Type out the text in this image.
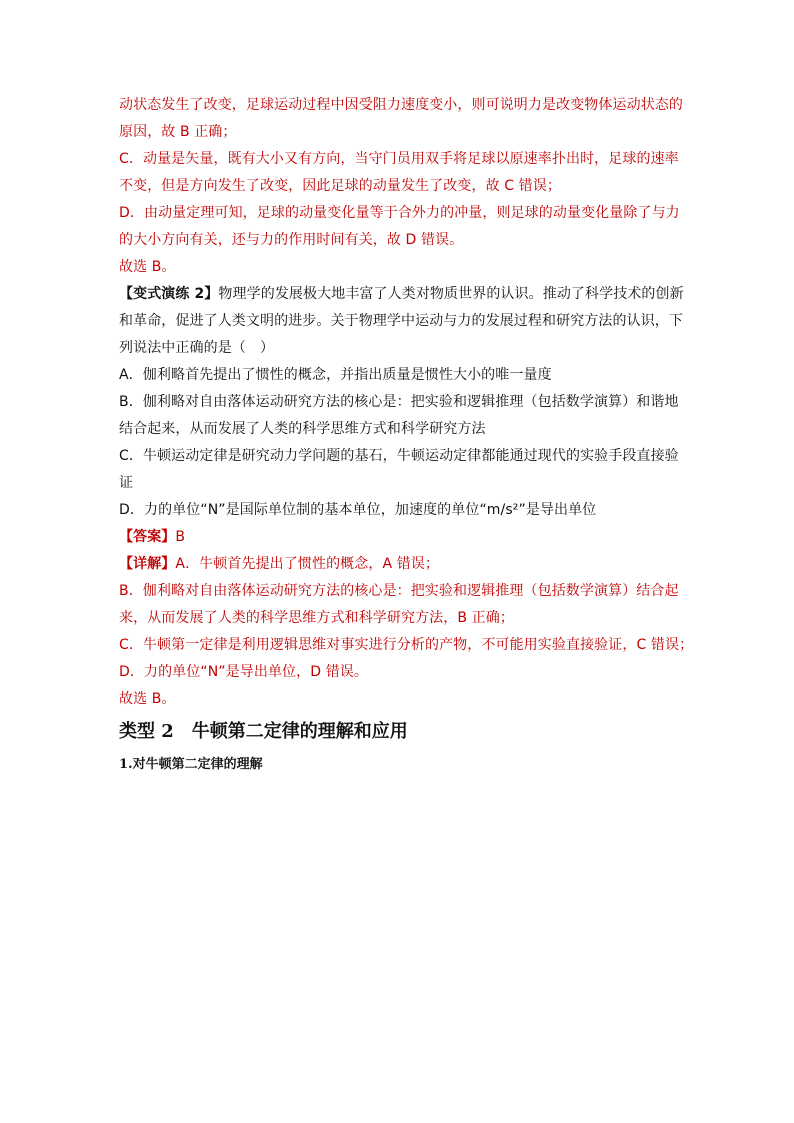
动状态发生了改变，足球运动过程中因受阻力速度变小，则可说明力是改变物体运动状态的
原因，故 B 正确；
C．动量是矢量，既有大小又有方向，当守门员用双手将足球以原速率扑出时，足球的速率
不变，但是方向发生了改变，因此足球的动量发生了改变，故 C 错误；
D．由动量定理可知，足球的动量变化量等于合外力的冲量，则足球的动量变化量除了与力
的大小方向有关，还与力的作用时间有关，故 D 错误。
故选 B。
【变式演练 2】物理学的发展极大地丰富了人类对物质世界的认识。推动了科学技术的创新
和革命，促进了人类文明的进步。关于物理学中运动与力的发展过程和研究方法的认识，下
列说法中正确的是（　）
A．伽利略首先提出了惯性的概念，并指出质量是惯性大小的唯一量度
B．伽利略对自由落体运动研究方法的核心是：把实验和逻辑推理（包括数学演算）和谐地
结合起来，从而发展了人类的科学思维方式和科学研究方法
C．牛顿运动定律是研究动力学问题的基石，牛顿运动定律都能通过现代的实验手段直接验
证
D．力的单位“N”是国际单位制的基本单位，加速度的单位“m/s²”是导出单位
【答案】B
【详解】A．牛顿首先提出了惯性的概念，A 错误；
B．伽利略对自由落体运动研究方法的核心是：把实验和逻辑推理（包括数学演算）结合起
来，从而发展了人类的科学思维方式和科学研究方法，B 正确；
C．牛顿第一定律是利用逻辑思维对事实进行分析的产物，不可能用实验直接验证，C 错误；
D．力的单位“N”是导出单位，D 错误。
故选 B。
类型 2 牛顿第二定律的理解和应用
1.对牛顿第二定律的理解
